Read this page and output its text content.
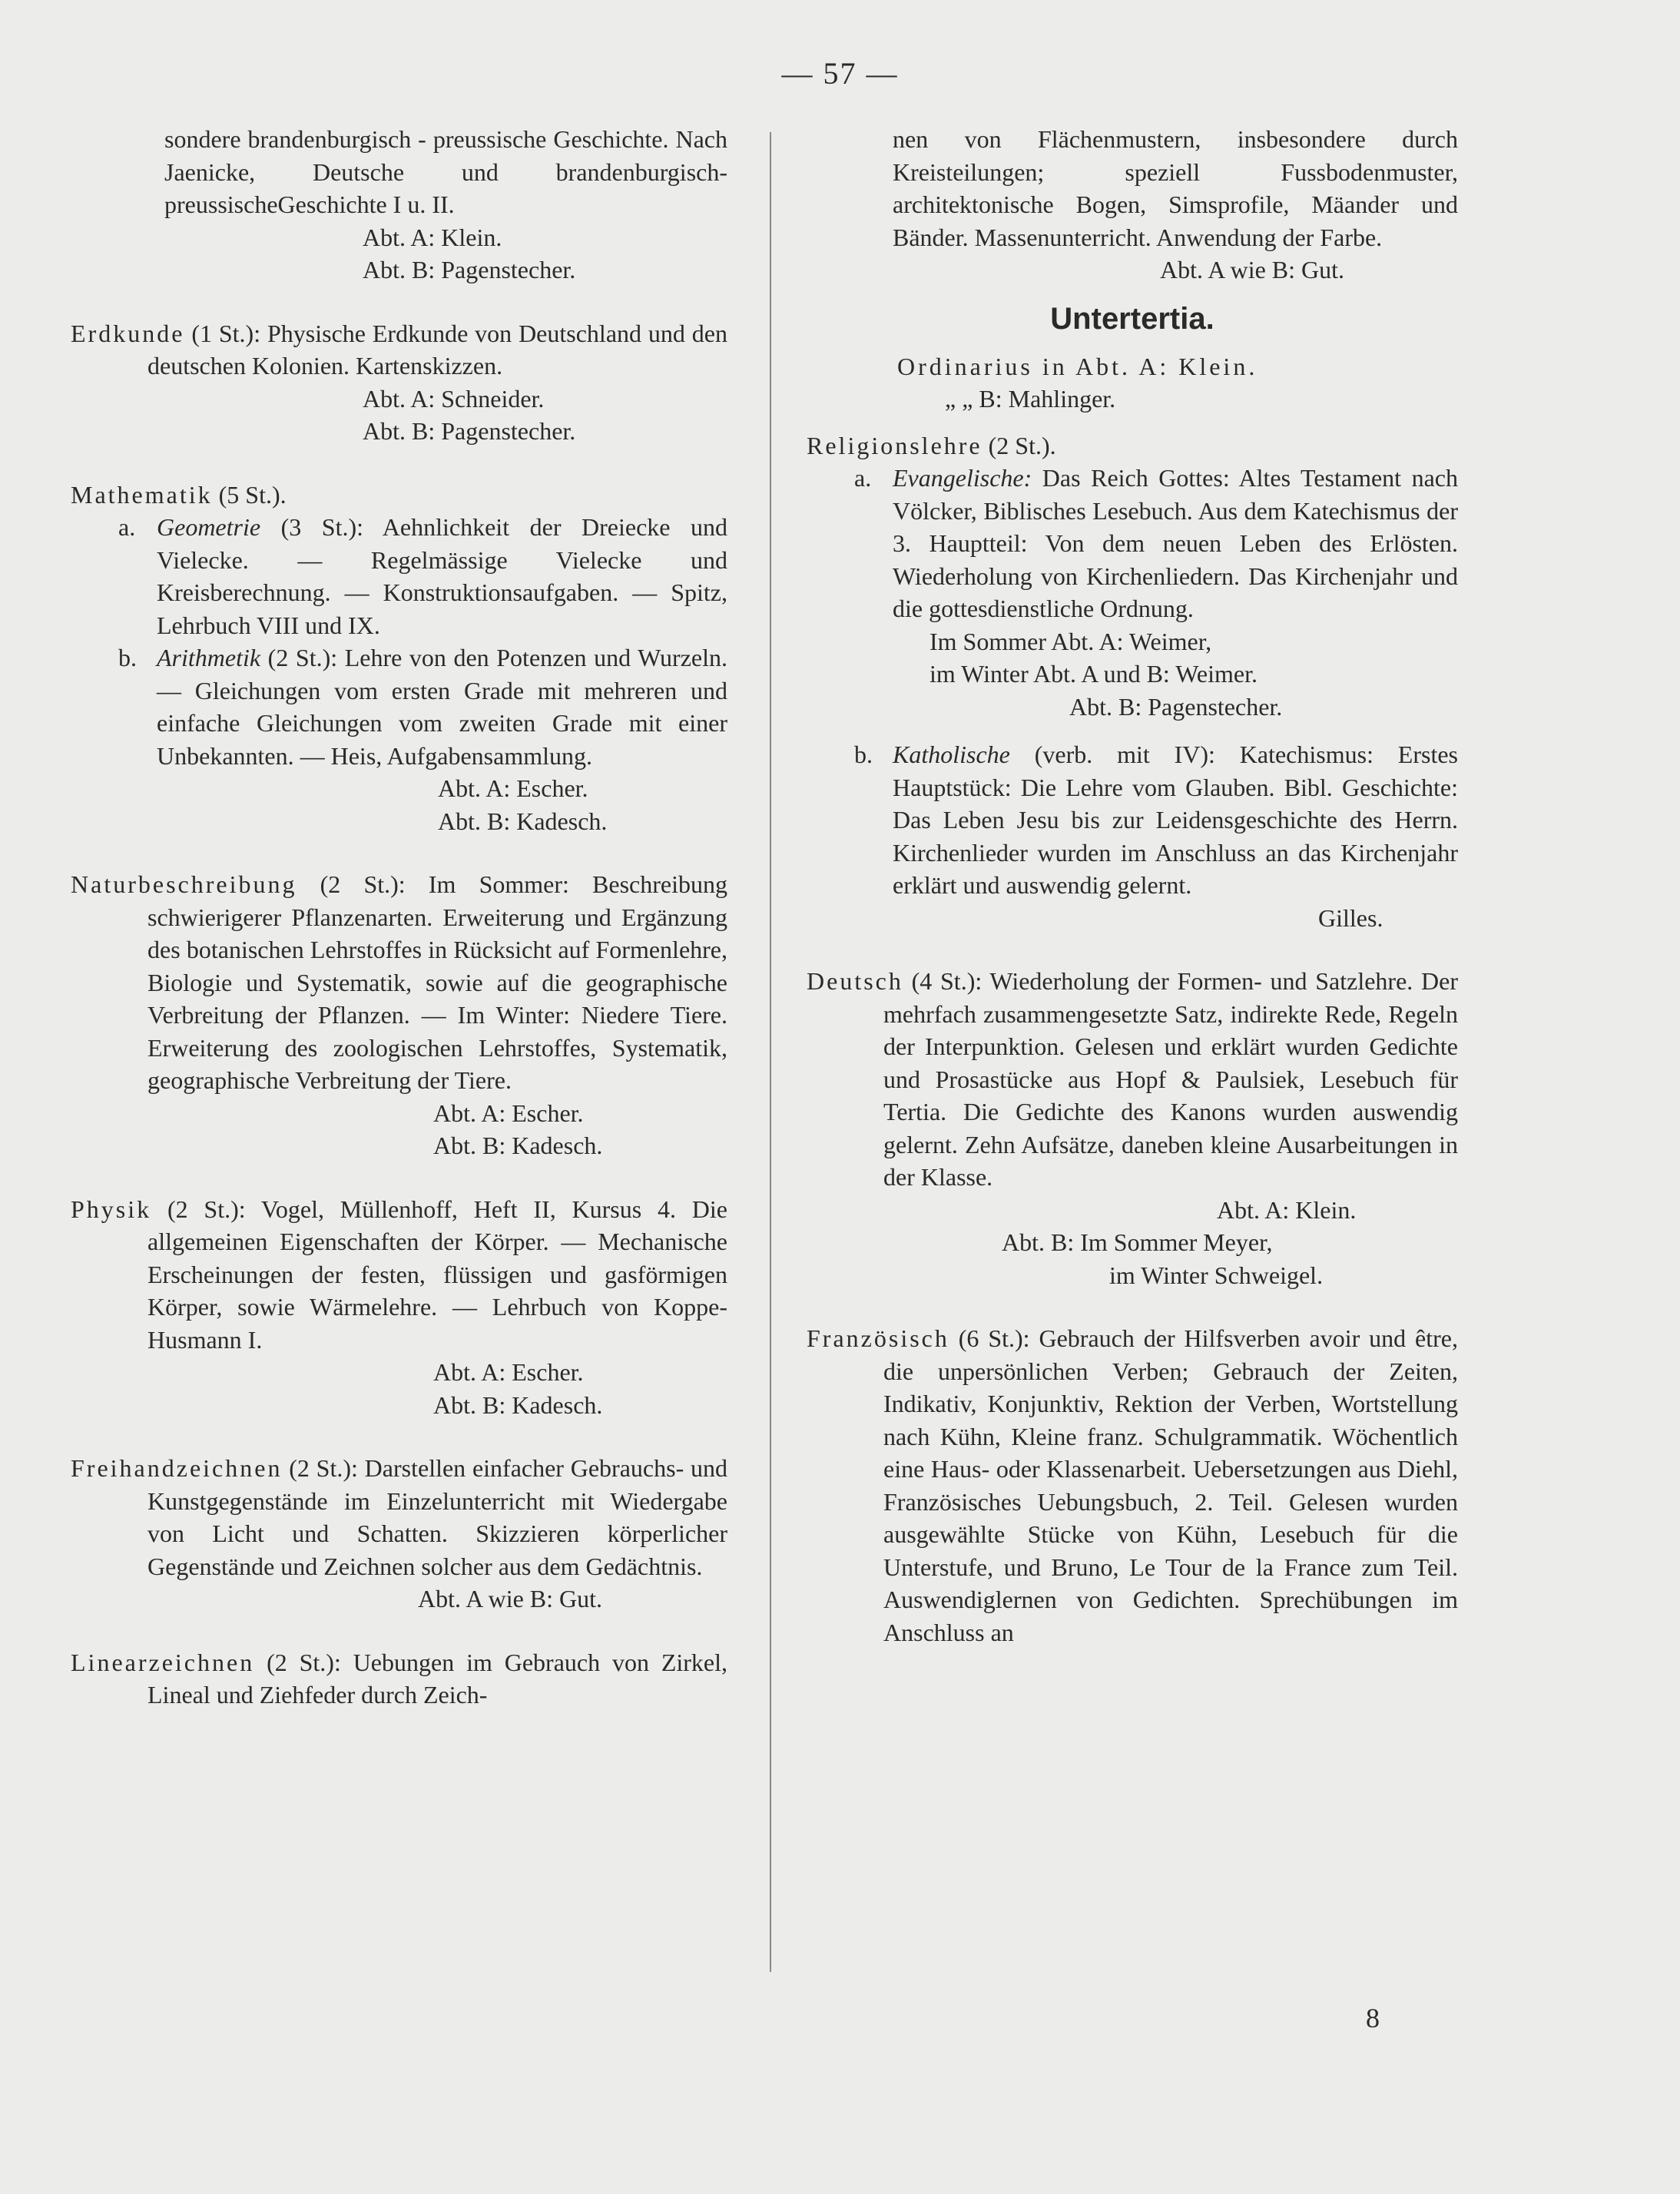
— 57 —

sondere brandenburgisch - preussische Geschichte. Nach Jaenicke, Deutsche und brandenburgisch-preussischeGeschichte I u. II.

Abt. A: Klein.
Abt. B: Pagenstecher.

Erdkunde (1 St.): Physische Erdkunde von Deutschland und den deutschen Kolonien. Kartenskizzen.

Abt. A: Schneider.
Abt. B: Pagenstecher.

Mathematik (5 St.).

a. Geometrie (3 St.): Aehnlichkeit der Dreiecke und Vielecke. — Regelmässige Vielecke und Kreisberechnung. — Konstruktionsaufgaben. — Spitz, Lehrbuch VIII und IX.

b. Arithmetik (2 St.): Lehre von den Potenzen und Wurzeln. — Gleichungen vom ersten Grade mit mehreren und einfache Gleichungen vom zweiten Grade mit einer Unbekannten. — Heis, Aufgabensammlung.

Abt. A: Escher.
Abt. B: Kadesch.

Naturbeschreibung (2 St.): Im Sommer: Beschreibung schwierigerer Pflanzenarten. Erweiterung und Ergänzung des botanischen Lehrstoffes in Rücksicht auf Formenlehre, Biologie und Systematik, sowie auf die geographische Verbreitung der Pflanzen. — Im Winter: Niedere Tiere. Erweiterung des zoologischen Lehrstoffes, Systematik, geographische Verbreitung der Tiere.

Abt. A: Escher.
Abt. B: Kadesch.

Physik (2 St.): Vogel, Müllenhoff, Heft II, Kursus 4. Die allgemeinen Eigenschaften der Körper. — Mechanische Erscheinungen der festen, flüssigen und gasförmigen Körper, sowie Wärmelehre. — Lehrbuch von Koppe-Husmann I.

Abt. A: Escher.
Abt. B: Kadesch.

Freihandzeichnen (2 St.): Darstellen einfacher Gebrauchs- und Kunstgegenstände im Einzelunterricht mit Wiedergabe von Licht und Schatten. Skizzieren körperlicher Gegenstände und Zeichnen solcher aus dem Gedächtnis.

Abt. A wie B: Gut.

Linearzeichnen (2 St.): Uebungen im Gebrauch von Zirkel, Lineal und Ziehfeder durch Zeich-

nen von Flächenmustern, insbesondere durch Kreisteilungen; speziell Fussbodenmuster, architektonische Bogen, Simsprofile, Mäander und Bänder. Massenunterricht. Anwendung der Farbe.

Abt. A wie B: Gut.
Untertertia.
Ordinarius in Abt. A: Klein.
„ „ B: Mahlinger.

Religionslehre (2 St.).

a. Evangelische: Das Reich Gottes: Altes Testament nach Völcker, Biblisches Lesebuch. Aus dem Katechismus der 3. Hauptteil: Von dem neuen Leben des Erlösten. Wiederholung von Kirchenliedern. Das Kirchenjahr und die gottesdienstliche Ordnung.

Im Sommer Abt. A: Weimer,
im Winter Abt. A und B: Weimer.
Abt. B: Pagenstecher.

b. Katholische (verb. mit IV): Katechismus: Erstes Hauptstück: Die Lehre vom Glauben. Bibl. Geschichte: Das Leben Jesu bis zur Leidensgeschichte des Herrn. Kirchenlieder wurden im Anschluss an das Kirchenjahr erklärt und auswendig gelernt.

Gilles.

Deutsch (4 St.): Wiederholung der Formen- und Satzlehre. Der mehrfach zusammengesetzte Satz, indirekte Rede, Regeln der Interpunktion. Gelesen und erklärt wurden Gedichte und Prosastücke aus Hopf & Paulsiek, Lesebuch für Tertia. Die Gedichte des Kanons wurden auswendig gelernt. Zehn Aufsätze, daneben kleine Ausarbeitungen in der Klasse.

Abt. A: Klein.
Abt. B: Im Sommer Meyer,
im Winter Schweigel.

Französisch (6 St.): Gebrauch der Hilfsverben avoir und être, die unpersönlichen Verben; Gebrauch der Zeiten, Indikativ, Konjunktiv, Rektion der Verben, Wortstellung nach Kühn, Kleine franz. Schulgrammatik. Wöchentlich eine Haus- oder Klassenarbeit. Uebersetzungen aus Diehl, Französisches Uebungsbuch, 2. Teil. Gelesen wurden ausgewählte Stücke von Kühn, Lesebuch für die Unterstufe, und Bruno, Le Tour de la France zum Teil. Auswendiglernen von Gedichten. Sprechübungen im Anschluss an

8
